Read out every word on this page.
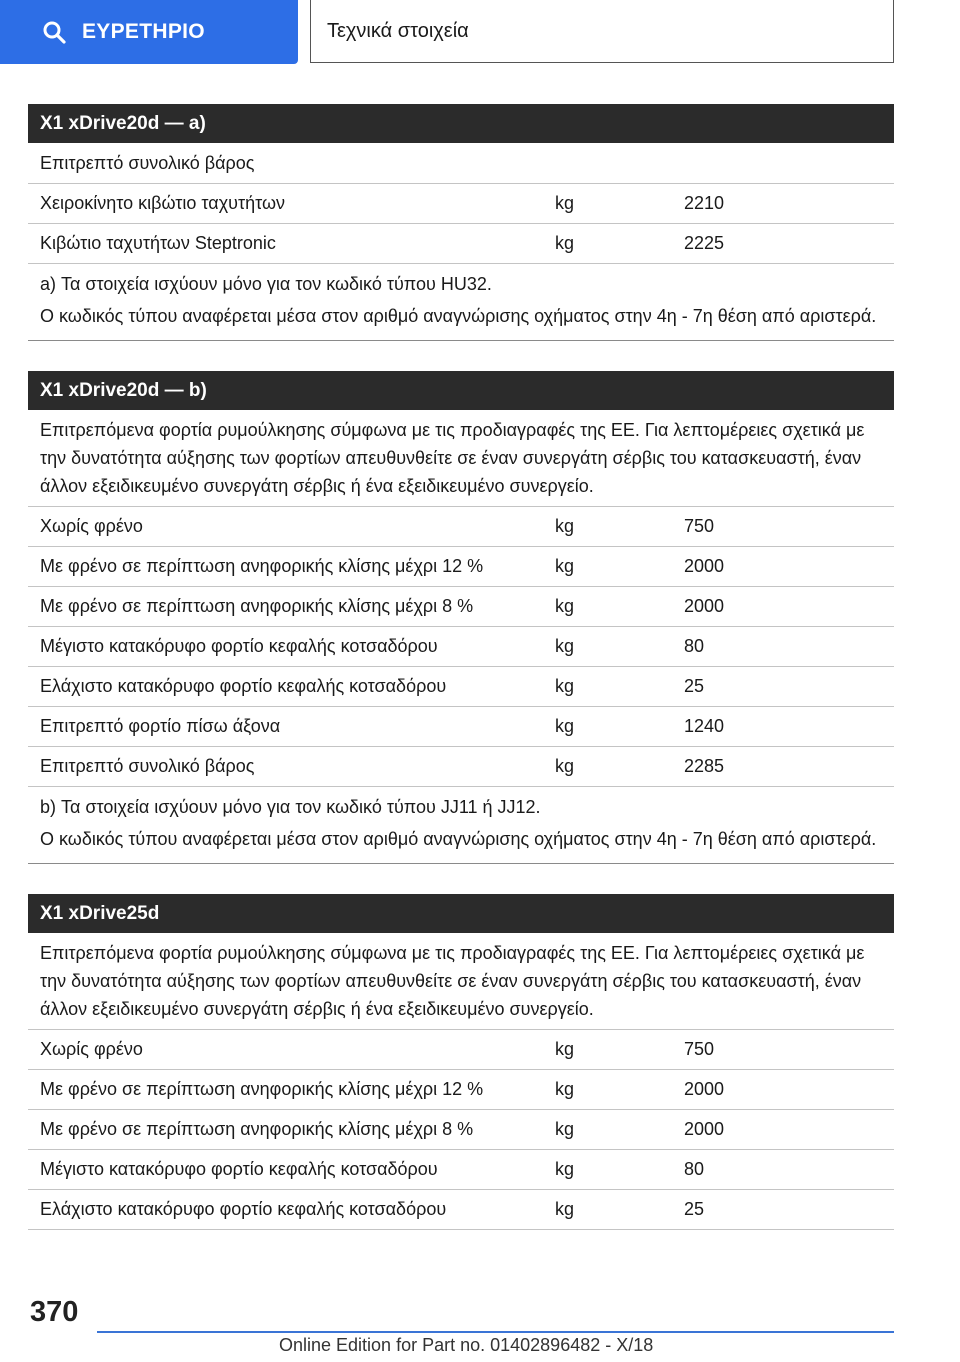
ΕΥΡΕΤΗΡΙΟ	Τεχνικά στοιχεία
X1 xDrive20d — a)
Επιτρεπτό συνολικό βάρος
Χειροκίνητο κιβώτιο ταχυτήτων	kg	2210
Κιβώτιο ταχυτήτων Steptronic	kg	2225

a) Τα στοιχεία ισχύουν μόνο για τον κωδικό τύπου HU32.

Ο κωδικός τύπου αναφέρεται μέσα στον αριθμό αναγνώρισης οχήματος στην 4η - 7η θέση από αριστερά.

X1 xDrive20d — b)
Επιτρεπόμενα φορτία ρυμούλκησης σύμφωνα με τις προδιαγραφές της ΕΕ. Για λεπτομέρειες σχετικά με την δυνατότητα αύξησης των φορτίων απευθυνθείτε σε έναν συνεργάτη σέρβις του κατασκευαστή, έναν άλλον εξειδικευμένο συνεργάτη σέρβις ή ένα εξειδικευμένο συνεργείο.
Χωρίς φρένο	kg	750
Με φρένο σε περίπτωση ανηφορικής κλίσης μέχρι 12 %	kg	2000
Με φρένο σε περίπτωση ανηφορικής κλίσης μέχρι 8 %	kg	2000
Μέγιστο κατακόρυφο φορτίο κεφαλής κοτσαδόρου	kg	80
Ελάχιστο κατακόρυφο φορτίο κεφαλής κοτσαδόρου	kg	25
Επιτρεπτό φορτίο πίσω άξονα	kg	1240
Επιτρεπτό συνολικό βάρος	kg	2285

b) Τα στοιχεία ισχύουν μόνο για τον κωδικό τύπου JJ11 ή JJ12.

Ο κωδικός τύπου αναφέρεται μέσα στον αριθμό αναγνώρισης οχήματος στην 4η - 7η θέση από αριστερά.

X1 xDrive25d
Επιτρεπόμενα φορτία ρυμούλκησης σύμφωνα με τις προδιαγραφές της ΕΕ. Για λεπτομέρειες σχετικά με την δυνατότητα αύξησης των φορτίων απευθυνθείτε σε έναν συνεργάτη σέρβις του κατασκευαστή, έναν άλλον εξειδικευμένο συνεργάτη σέρβις ή ένα εξειδικευμένο συνεργείο.
Χωρίς φρένο	kg	750
Με φρένο σε περίπτωση ανηφορικής κλίσης μέχρι 12 %	kg	2000
Με φρένο σε περίπτωση ανηφορικής κλίσης μέχρι 8 %	kg	2000
Μέγιστο κατακόρυφο φορτίο κεφαλής κοτσαδόρου	kg	80
Ελάχιστο κατακόρυφο φορτίο κεφαλής κοτσαδόρου	kg	25
370
Online Edition for Part no. 01402896482 - X/18
